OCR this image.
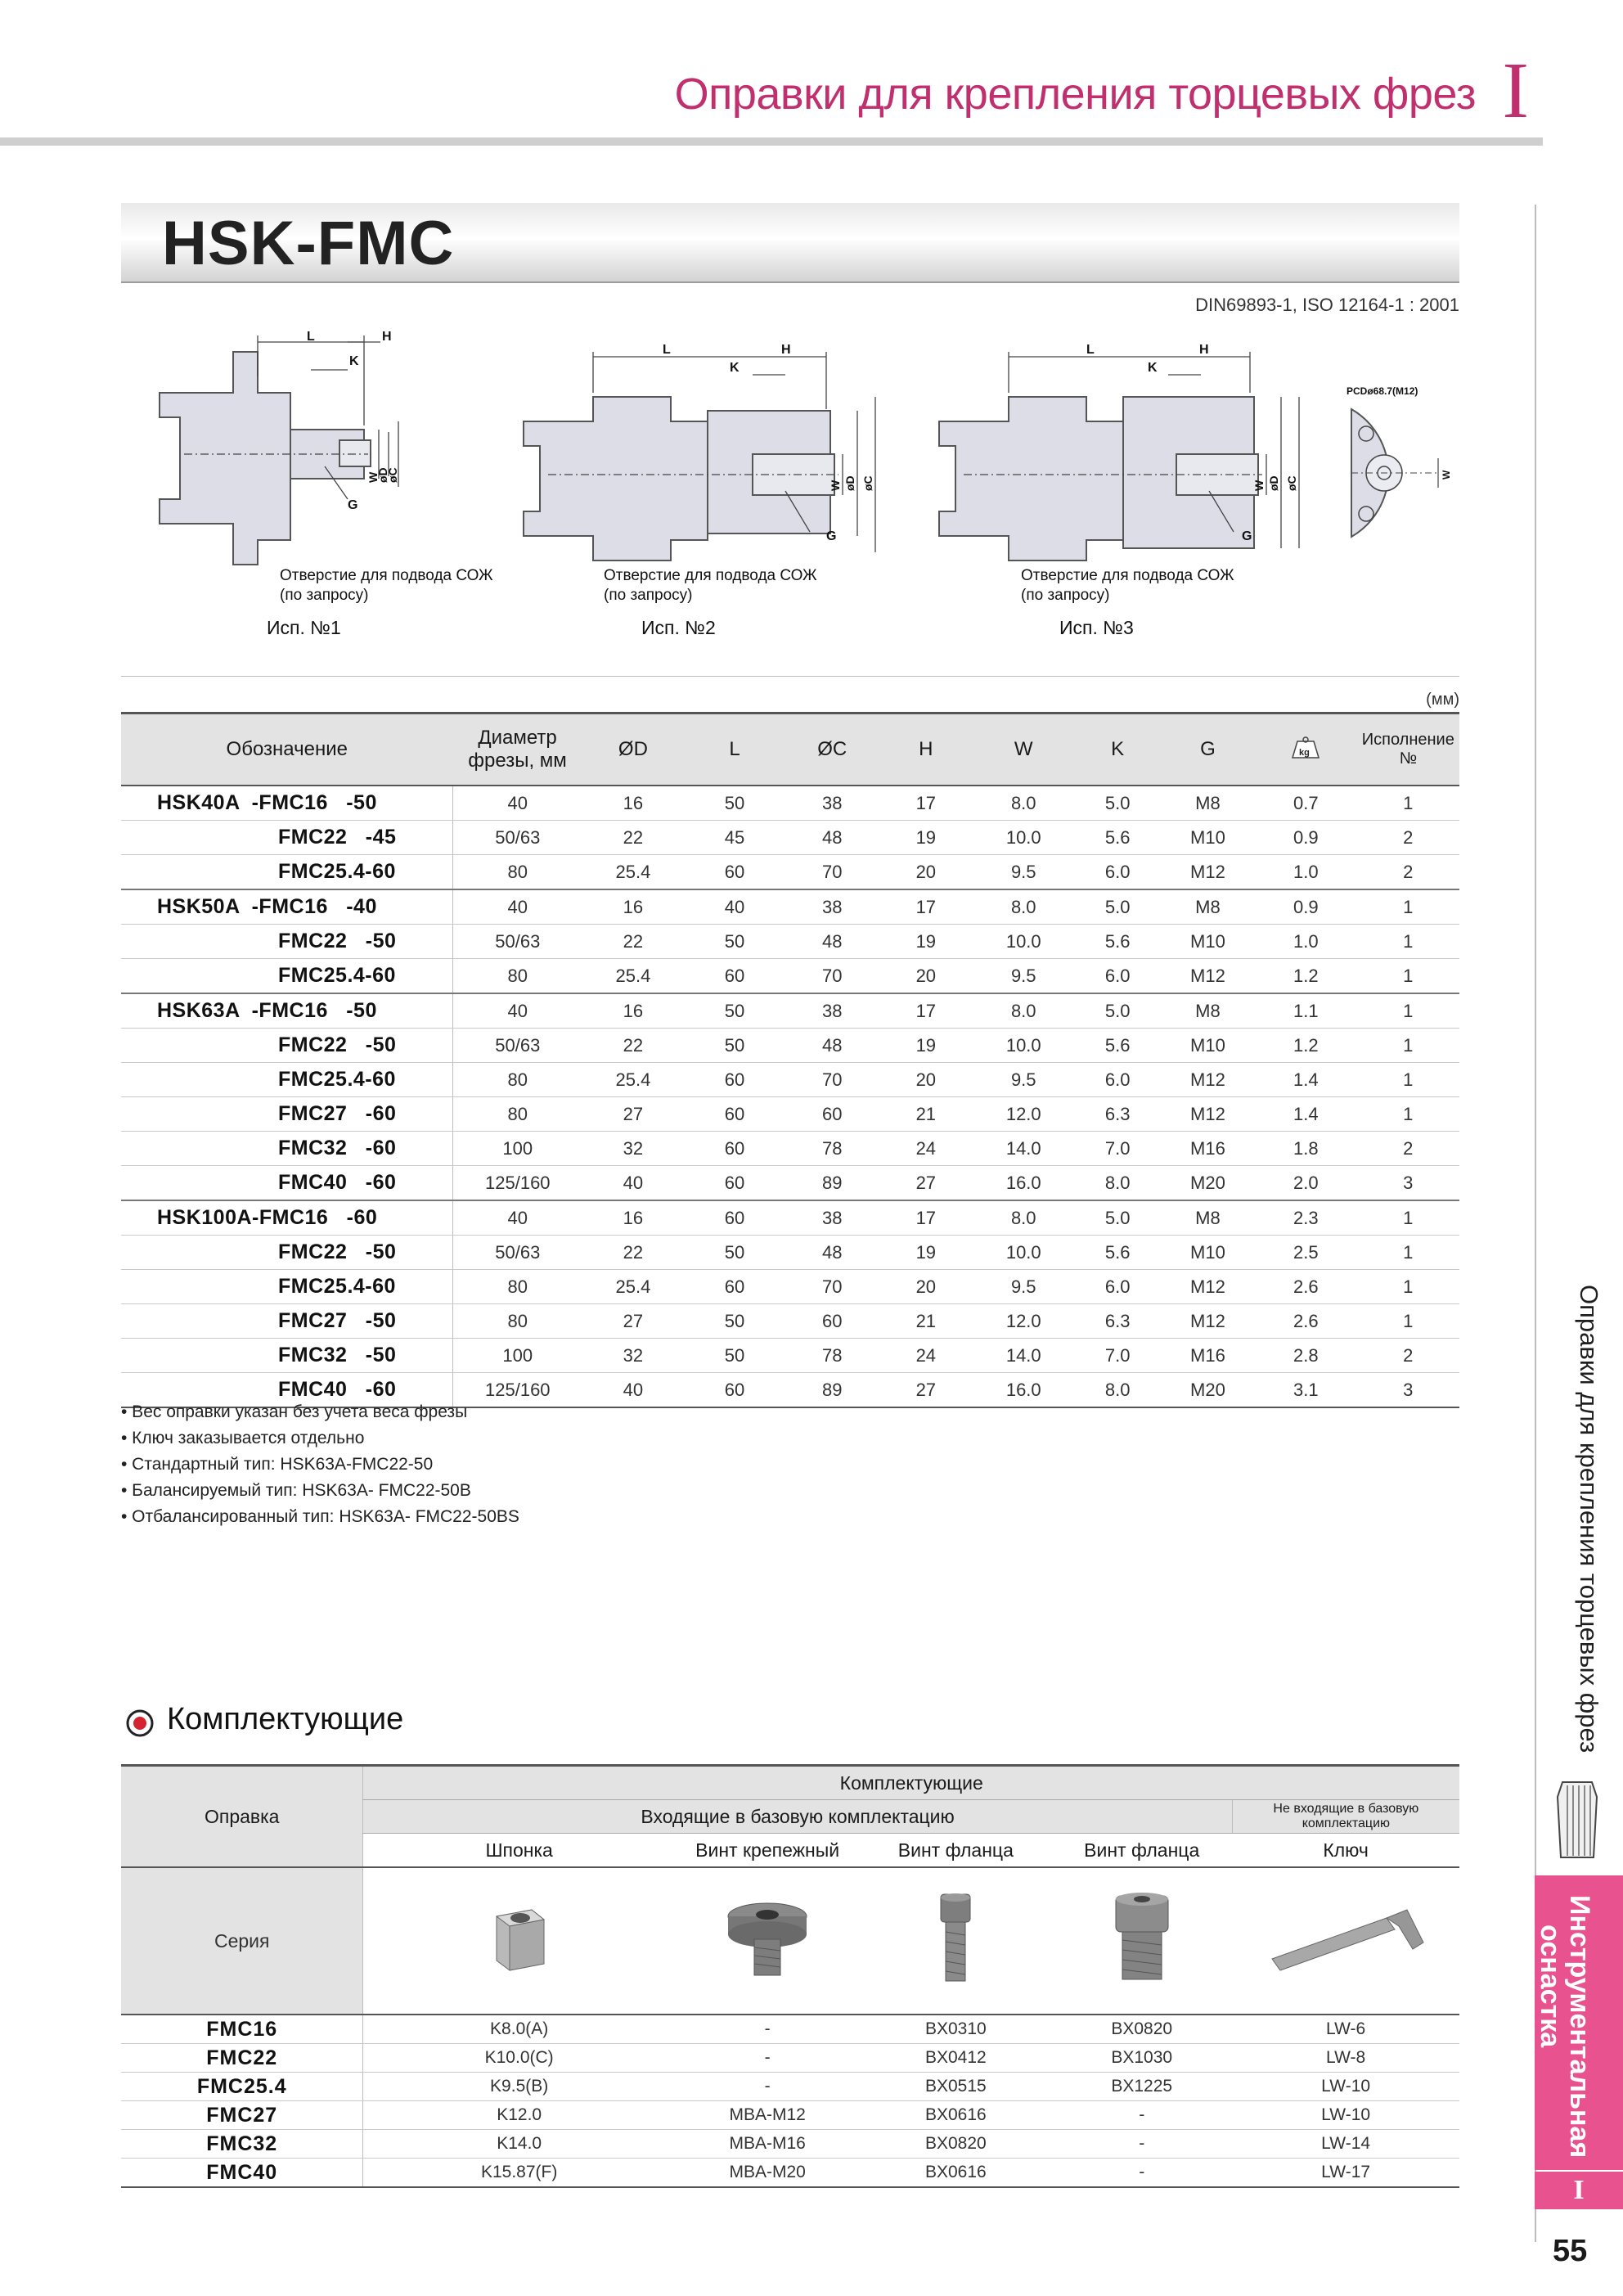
Оправки для крепления торцевых фрез I
Оправки для крепления торцевых фрез
Инструментальная
оснастка
I
55
HSK-FMC
DIN69893-1, ISO 12164-1 : 2001
L	H
K
G
W
øD
øC
Отверстие для подвода СОЖ
(по запросу)
Исп. №1
L	H
K
G
W øD øC
Отверстие для подвода СОЖ
(по запросу)
Исп. №2
L	H
K
G
W øD øC
Отверстие для подвода СОЖ
(по запросу)
Исп. №3
PCDø68.7(M12)
W
(мм)
Обозначение	Диаметр фрезы, мм	ØD	L	ØC	H	W	K	G	kg	Исполнение №
HSK40A  -FMC16   -50	40	16	50	38	17	8.0	5.0	M8	0.7	1
FMC22   -45	50/63	22	45	48	19	10.0	5.6	M10	0.9	2
FMC25.4-60	80	25.4	60	70	20	9.5	6.0	M12	1.0	2
HSK50A  -FMC16   -40	40	16	40	38	17	8.0	5.0	M8	0.9	1
FMC22   -50	50/63	22	50	48	19	10.0	5.6	M10	1.0	1
FMC25.4-60	80	25.4	60	70	20	9.5	6.0	M12	1.2	1
HSK63A  -FMC16   -50	40	16	50	38	17	8.0	5.0	M8	1.1	1
FMC22   -50	50/63	22	50	48	19	10.0	5.6	M10	1.2	1
FMC25.4-60	80	25.4	60	70	20	9.5	6.0	M12	1.4	1
FMC27   -60	80	27	60	60	21	12.0	6.3	M12	1.4	1
FMC32   -60	100	32	60	78	24	14.0	7.0	M16	1.8	2
FMC40   -60	125/160	40	60	89	27	16.0	8.0	M20	2.0	3
HSK100A-FMC16   -60	40	16	60	38	17	8.0	5.0	M8	2.3	1
FMC22   -50	50/63	22	50	48	19	10.0	5.6	M10	2.5	1
FMC25.4-60	80	25.4	60	70	20	9.5	6.0	M12	2.6	1
FMC27   -50	80	27	50	60	21	12.0	6.3	M12	2.6	1
FMC32   -50	100	32	50	78	24	14.0	7.0	M16	2.8	2
FMC40   -60	125/160	40	60	89	27	16.0	8.0	M20	3.1	3
• Вес оправки указан без учета веса фрезы
• Ключ заказывается отдельно
• Стандартный тип: HSK63A-FMC22-50
• Балансируемый тип: HSK63A- FMC22-50B
• Отбалансированный тип: HSK63A- FMC22-50BS
Комплектующие
Оправка	Комплектующие				
	Входящие в базовую комплектацию				Не входящие в базовую комплектацию
	Шпонка	Винт крепежный	Винт фланца	Винт фланца	Ключ
Серия					
FMC16	K8.0(A)	-	BX0310	BX0820	LW-6
FMC22	K10.0(C)	-	BX0412	BX1030	LW-8
FMC25.4	K9.5(B)	-	BX0515	BX1225	LW-10
FMC27	K12.0	MBA-M12	BX0616	-	LW-10
FMC32	K14.0	MBA-M16	BX0820	-	LW-14
FMC40	K15.87(F)	MBA-M20	BX0616	-	LW-17
